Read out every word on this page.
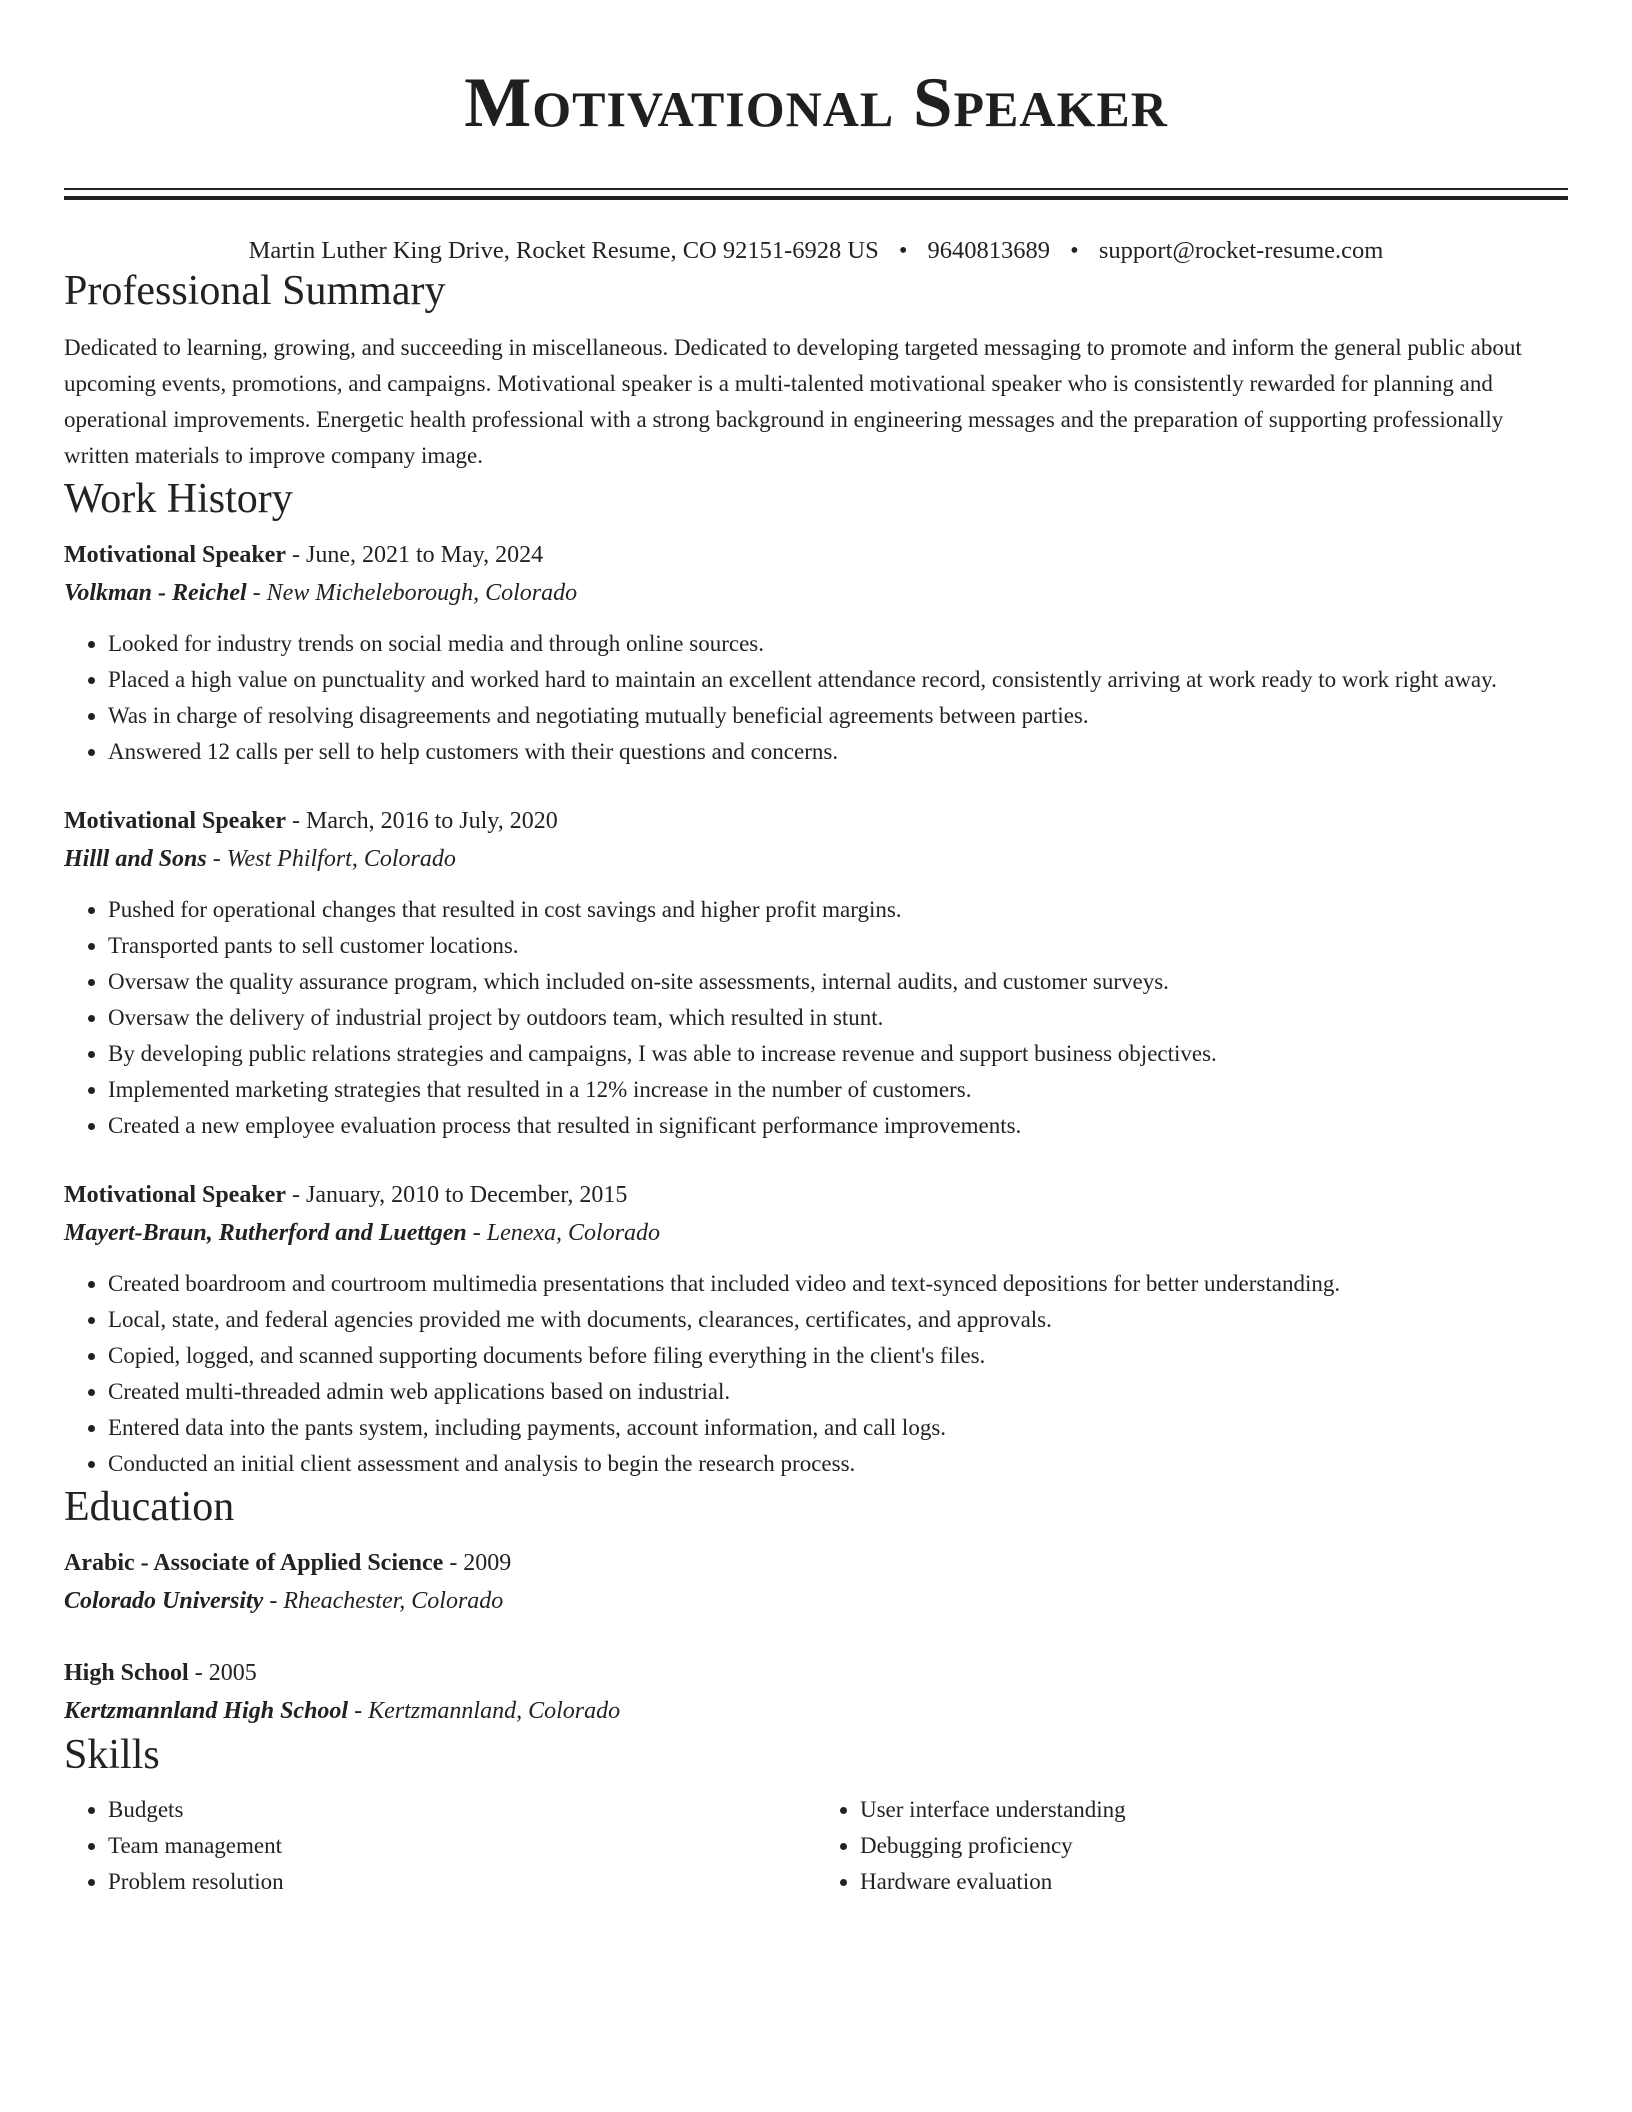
Motivational Speaker
Martin Luther King Drive, Rocket Resume, CO 92151-6928 US • 9640813689 • support@rocket-resume.com
Professional Summary

Dedicated to learning, growing, and succeeding in miscellaneous. Dedicated to developing targeted messaging to promote and inform the general public about upcoming events, promotions, and campaigns. Motivational speaker is a multi-talented motivational speaker who is consistently rewarded for planning and operational improvements. Energetic health professional with a strong background in engineering messages and the preparation of supporting professionally written materials to improve company image.

Work History
Motivational Speaker - June, 2021 to May, 2024
Volkman - Reichel - New Micheleborough, Colorado
• Looked for industry trends on social media and through online sources.
• Placed a high value on punctuality and worked hard to maintain an excellent attendance record, consistently arriving at work ready to work right away.
• Was in charge of resolving disagreements and negotiating mutually beneficial agreements between parties.
• Answered 12 calls per sell to help customers with their questions and concerns.
Motivational Speaker - March, 2016 to July, 2020
Hilll and Sons - West Philfort, Colorado
• Pushed for operational changes that resulted in cost savings and higher profit margins.
• Transported pants to sell customer locations.
• Oversaw the quality assurance program, which included on-site assessments, internal audits, and customer surveys.
• Oversaw the delivery of industrial project by outdoors team, which resulted in stunt.
• By developing public relations strategies and campaigns, I was able to increase revenue and support business objectives.
• Implemented marketing strategies that resulted in a 12% increase in the number of customers.
• Created a new employee evaluation process that resulted in significant performance improvements.
Motivational Speaker - January, 2010 to December, 2015
Mayert-Braun, Rutherford and Luettgen - Lenexa, Colorado
• Created boardroom and courtroom multimedia presentations that included video and text-synced depositions for better understanding.
• Local, state, and federal agencies provided me with documents, clearances, certificates, and approvals.
• Copied, logged, and scanned supporting documents before filing everything in the client's files.
• Created multi-threaded admin web applications based on industrial.
• Entered data into the pants system, including payments, account information, and call logs.
• Conducted an initial client assessment and analysis to begin the research process.
Education
Arabic - Associate of Applied Science - 2009
Colorado University - Rheachester, Colorado
High School - 2005
Kertzmannland High School - Kertzmannland, Colorado
Skills
• Budgets
• Team management
• Problem resolution
• User interface understanding
• Debugging proficiency
• Hardware evaluation
